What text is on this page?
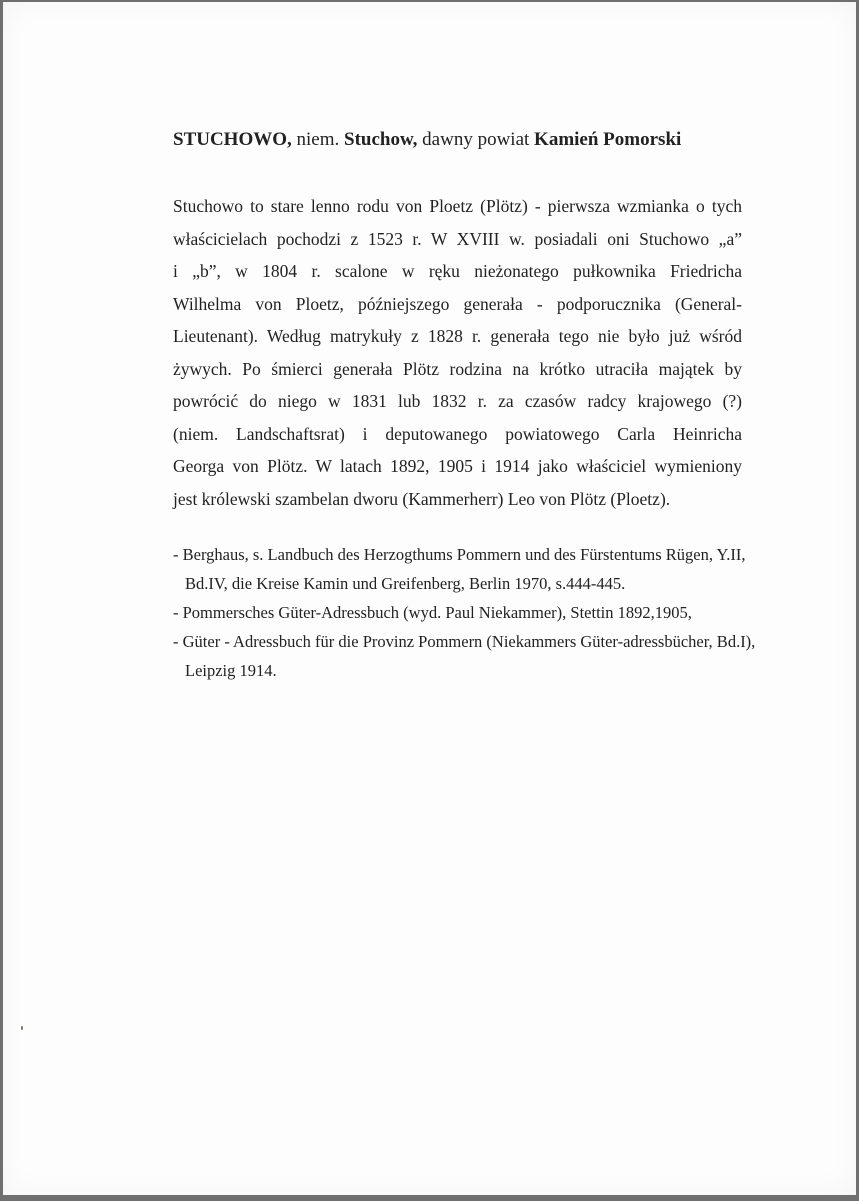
STUCHOWO, niem. Stuchow, dawny powiat Kamień Pomorski
Stuchowo to stare lenno rodu von Ploetz (Plötz) - pierwsza wzmianka o tych
właścicielach pochodzi z 1523 r. W XVIII w. posiadali oni Stuchowo „a”
i „b”, w 1804 r. scalone w ręku nieżonatego pułkownika Friedricha
Wilhelma von Ploetz, późniejszego generała - podporucznika (General-
Lieutenant). Według matrykuły z 1828 r. generała tego nie było już wśród
żywych. Po śmierci generała Plötz rodzina na krótko utraciła majątek by
powrócić do niego w 1831 lub 1832 r. za czasów radcy krajowego (?)
(niem. Landschaftsrat) i deputowanego powiatowego Carla Heinricha
Georga von Plötz. W latach 1892, 1905 i 1914 jako właściciel wymieniony
jest królewski szambelan dworu (Kammerherr) Leo von Plötz (Ploetz).
- Berghaus, s. Landbuch des Herzogthums Pommern und des Fürstentums Rügen, Y.II, Bd.IV, die Kreise Kamin und Greifenberg, Berlin 1970, s.444-445.
- Pommersches Güter-Adressbuch (wyd. Paul Niekammer), Stettin 1892,1905,
- Güter - Adressbuch für die Provinz Pommern (Niekammers Güter-adressbücher, Bd.I), Leipzig 1914.
